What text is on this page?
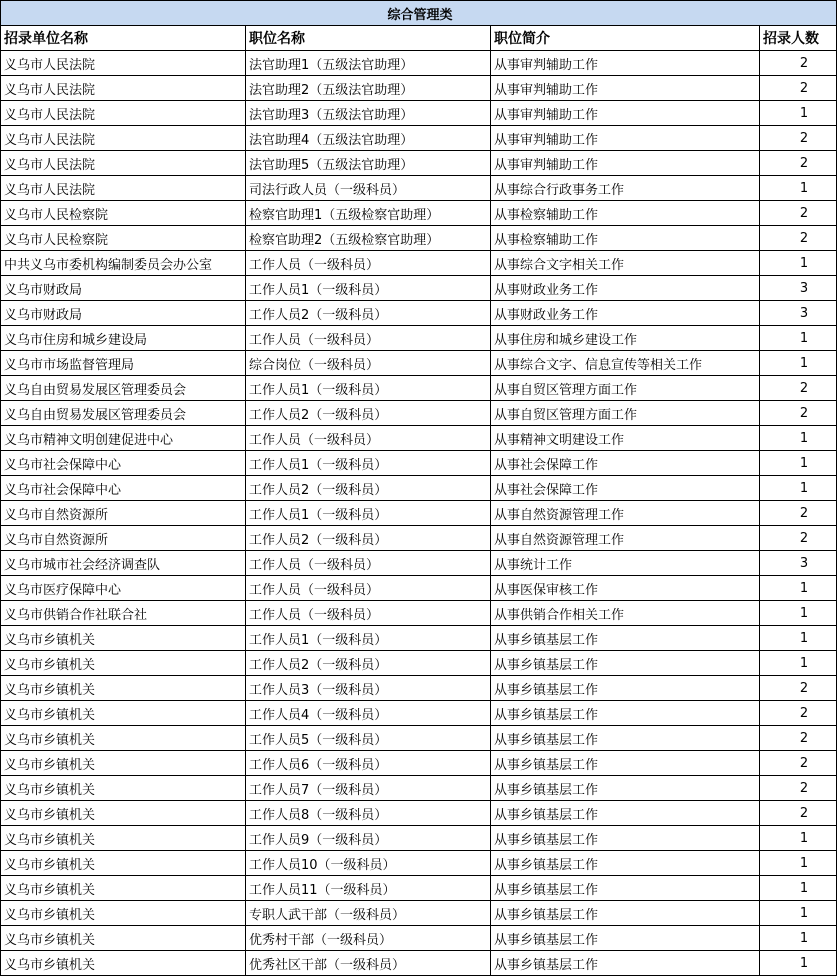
综合管理类			
招录单位名称	职位名称	职位简介	招录人数
义乌市人民法院	法官助理1（五级法官助理）	从事审判辅助工作	2
义乌市人民法院	法官助理2（五级法官助理）	从事审判辅助工作	2
义乌市人民法院	法官助理3（五级法官助理）	从事审判辅助工作	1
义乌市人民法院	法官助理4（五级法官助理）	从事审判辅助工作	2
义乌市人民法院	法官助理5（五级法官助理）	从事审判辅助工作	2
义乌市人民法院	司法行政人员（一级科员）	从事综合行政事务工作	1
义乌市人民检察院	检察官助理1（五级检察官助理）	从事检察辅助工作	2
义乌市人民检察院	检察官助理2（五级检察官助理）	从事检察辅助工作	2
中共义乌市委机构编制委员会办公室	工作人员（一级科员）	从事综合文字相关工作	1
义乌市财政局	工作人员1（一级科员）	从事财政业务工作	3
义乌市财政局	工作人员2（一级科员）	从事财政业务工作	3
义乌市住房和城乡建设局	工作人员（一级科员）	从事住房和城乡建设工作	1
义乌市市场监督管理局	综合岗位（一级科员）	从事综合文字、信息宣传等相关工作	1
义乌自由贸易发展区管理委员会	工作人员1（一级科员）	从事自贸区管理方面工作	2
义乌自由贸易发展区管理委员会	工作人员2（一级科员）	从事自贸区管理方面工作	2
义乌市精神文明创建促进中心	工作人员（一级科员）	从事精神文明建设工作	1
义乌市社会保障中心	工作人员1（一级科员）	从事社会保障工作	1
义乌市社会保障中心	工作人员2（一级科员）	从事社会保障工作	1
义乌市自然资源所	工作人员1（一级科员）	从事自然资源管理工作	2
义乌市自然资源所	工作人员2（一级科员）	从事自然资源管理工作	2
义乌市城市社会经济调查队	工作人员（一级科员）	从事统计工作	3
义乌市医疗保障中心	工作人员（一级科员）	从事医保审核工作	1
义乌市供销合作社联合社	工作人员（一级科员）	从事供销合作相关工作	1
义乌市乡镇机关	工作人员1（一级科员）	从事乡镇基层工作	1
义乌市乡镇机关	工作人员2（一级科员）	从事乡镇基层工作	1
义乌市乡镇机关	工作人员3（一级科员）	从事乡镇基层工作	2
义乌市乡镇机关	工作人员4（一级科员）	从事乡镇基层工作	2
义乌市乡镇机关	工作人员5（一级科员）	从事乡镇基层工作	2
义乌市乡镇机关	工作人员6（一级科员）	从事乡镇基层工作	2
义乌市乡镇机关	工作人员7（一级科员）	从事乡镇基层工作	2
义乌市乡镇机关	工作人员8（一级科员）	从事乡镇基层工作	2
义乌市乡镇机关	工作人员9（一级科员）	从事乡镇基层工作	1
义乌市乡镇机关	工作人员10（一级科员）	从事乡镇基层工作	1
义乌市乡镇机关	工作人员11（一级科员）	从事乡镇基层工作	1
义乌市乡镇机关	专职人武干部（一级科员）	从事乡镇基层工作	1
义乌市乡镇机关	优秀村干部（一级科员）	从事乡镇基层工作	1
义乌市乡镇机关	优秀社区干部（一级科员）	从事乡镇基层工作	1
